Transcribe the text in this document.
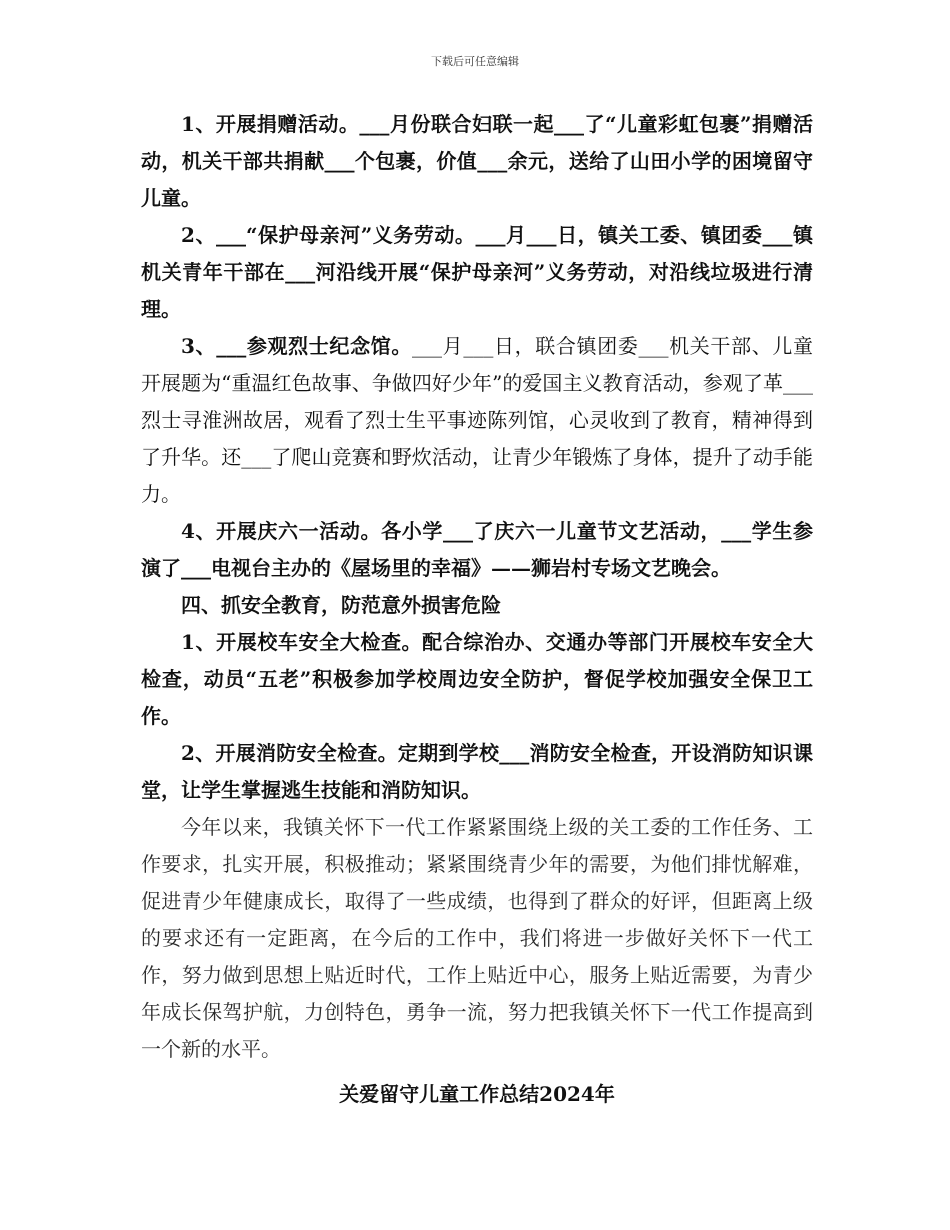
下载后可任意编辑

1、开展捐赠活动。___月份联合妇联一起___了“儿童彩虹包裹”捐赠活动，机关干部共捐献___个包裹，价值___余元，送给了山田小学的困境留守儿童。

2、___“保护母亲河”义务劳动。___月___日，镇关工委、镇团委___镇机关青年干部在___河沿线开展“保护母亲河”义务劳动，对沿线垃圾进行清理。

3、___参观烈士纪念馆。___月___日，联合镇团委___机关干部、儿童开展题为“重温红色故事、争做四好少年”的爱国主义教育活动，参观了革___烈士寻淮洲故居，观看了烈士生平事迹陈列馆，心灵收到了教育，精神得到了升华。还___了爬山竞赛和野炊活动，让青少年锻炼了身体，提升了动手能力。

4、开展庆六一活动。各小学___了庆六一儿童节文艺活动，___学生参演了___电视台主办的《屋场里的幸福》——狮岩村专场文艺晚会。

四、抓安全教育，防范意外损害危险

1、开展校车安全大检查。配合综治办、交通办等部门开展校车安全大检查，动员“五老”积极参加学校周边安全防护，督促学校加强安全保卫工作。

2、开展消防安全检查。定期到学校___消防安全检查，开设消防知识课堂，让学生掌握逃生技能和消防知识。

今年以来，我镇关怀下一代工作紧紧围绕上级的关工委的工作任务、工作要求，扎实开展，积极推动；紧紧围绕青少年的需要，为他们排忧解难，促进青少年健康成长，取得了一些成绩，也得到了群众的好评，但距离上级的要求还有一定距离，在今后的工作中，我们将进一步做好关怀下一代工作，努力做到思想上贴近时代，工作上贴近中心，服务上贴近需要，为青少年成长保驾护航，力创特色，勇争一流，努力把我镇关怀下一代工作提高到一个新的水平。

关爱留守儿童工作总结2024年
